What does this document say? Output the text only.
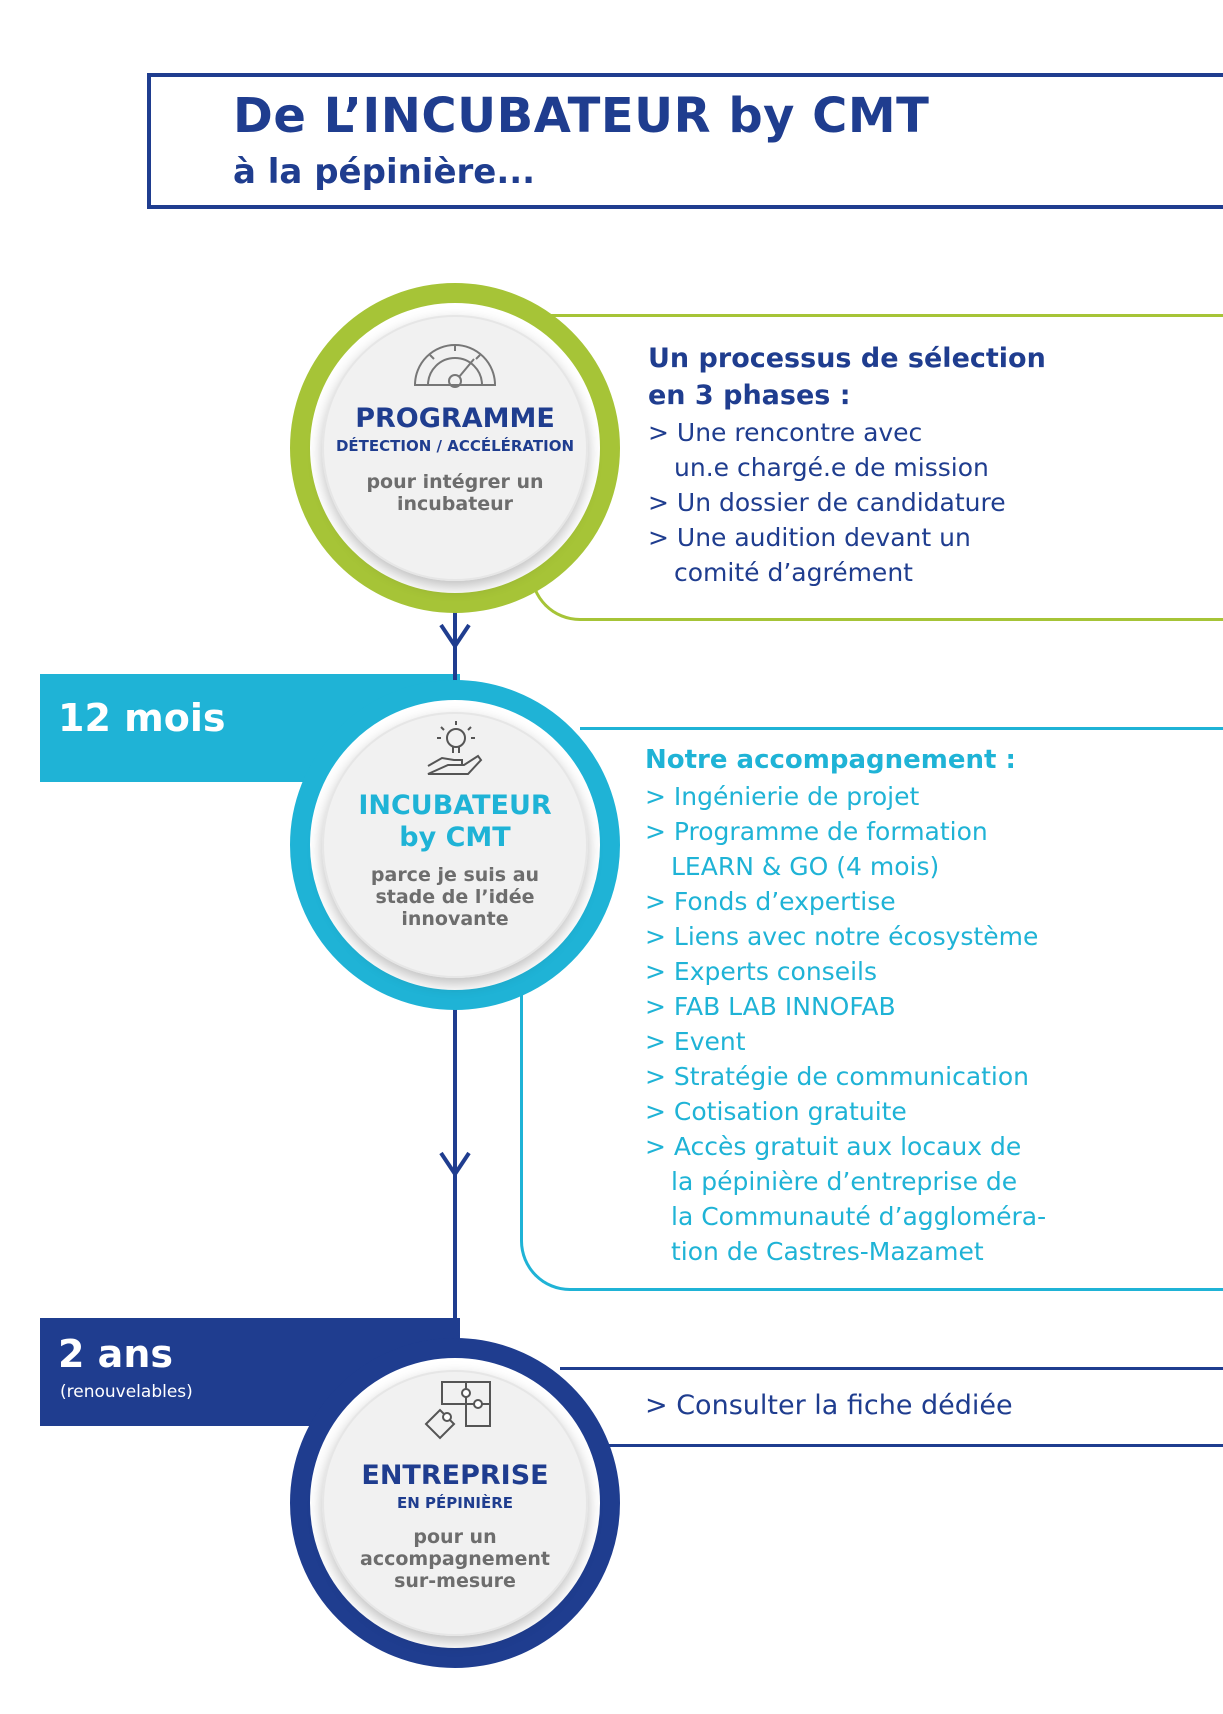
De L’INCUBATEUR by CMT
à la pépinière...
12 mois
2 ans
(renouvelables)
PROGRAMME
DÉTECTION / ACCÉLÉRATION
pour intégrer un
incubateur
INCUBATEUR
by CMT
parce je suis au
stade de l’idée
innovante
ENTREPRISE
EN PÉPINIÈRE
pour un
accompagnement
sur-mesure
Un processus de sélection
en 3 phases :
> Une rencontre avec
un.e chargé.e de mission
> Un dossier de candidature
> Une audition devant un
comité d’agrément
Notre accompagnement :
> Ingénierie de projet
> Programme de formation
LEARN & GO (4 mois)
> Fonds d’expertise
> Liens avec notre écosystème
> Experts conseils
> FAB LAB INNOFAB
> Event
> Stratégie de communication
> Cotisation gratuite
> Accès gratuit aux locaux de
la pépinière d’entreprise de
la Communauté d’aggloméra-
tion de Castres-Mazamet
> Consulter la fiche dédiée
